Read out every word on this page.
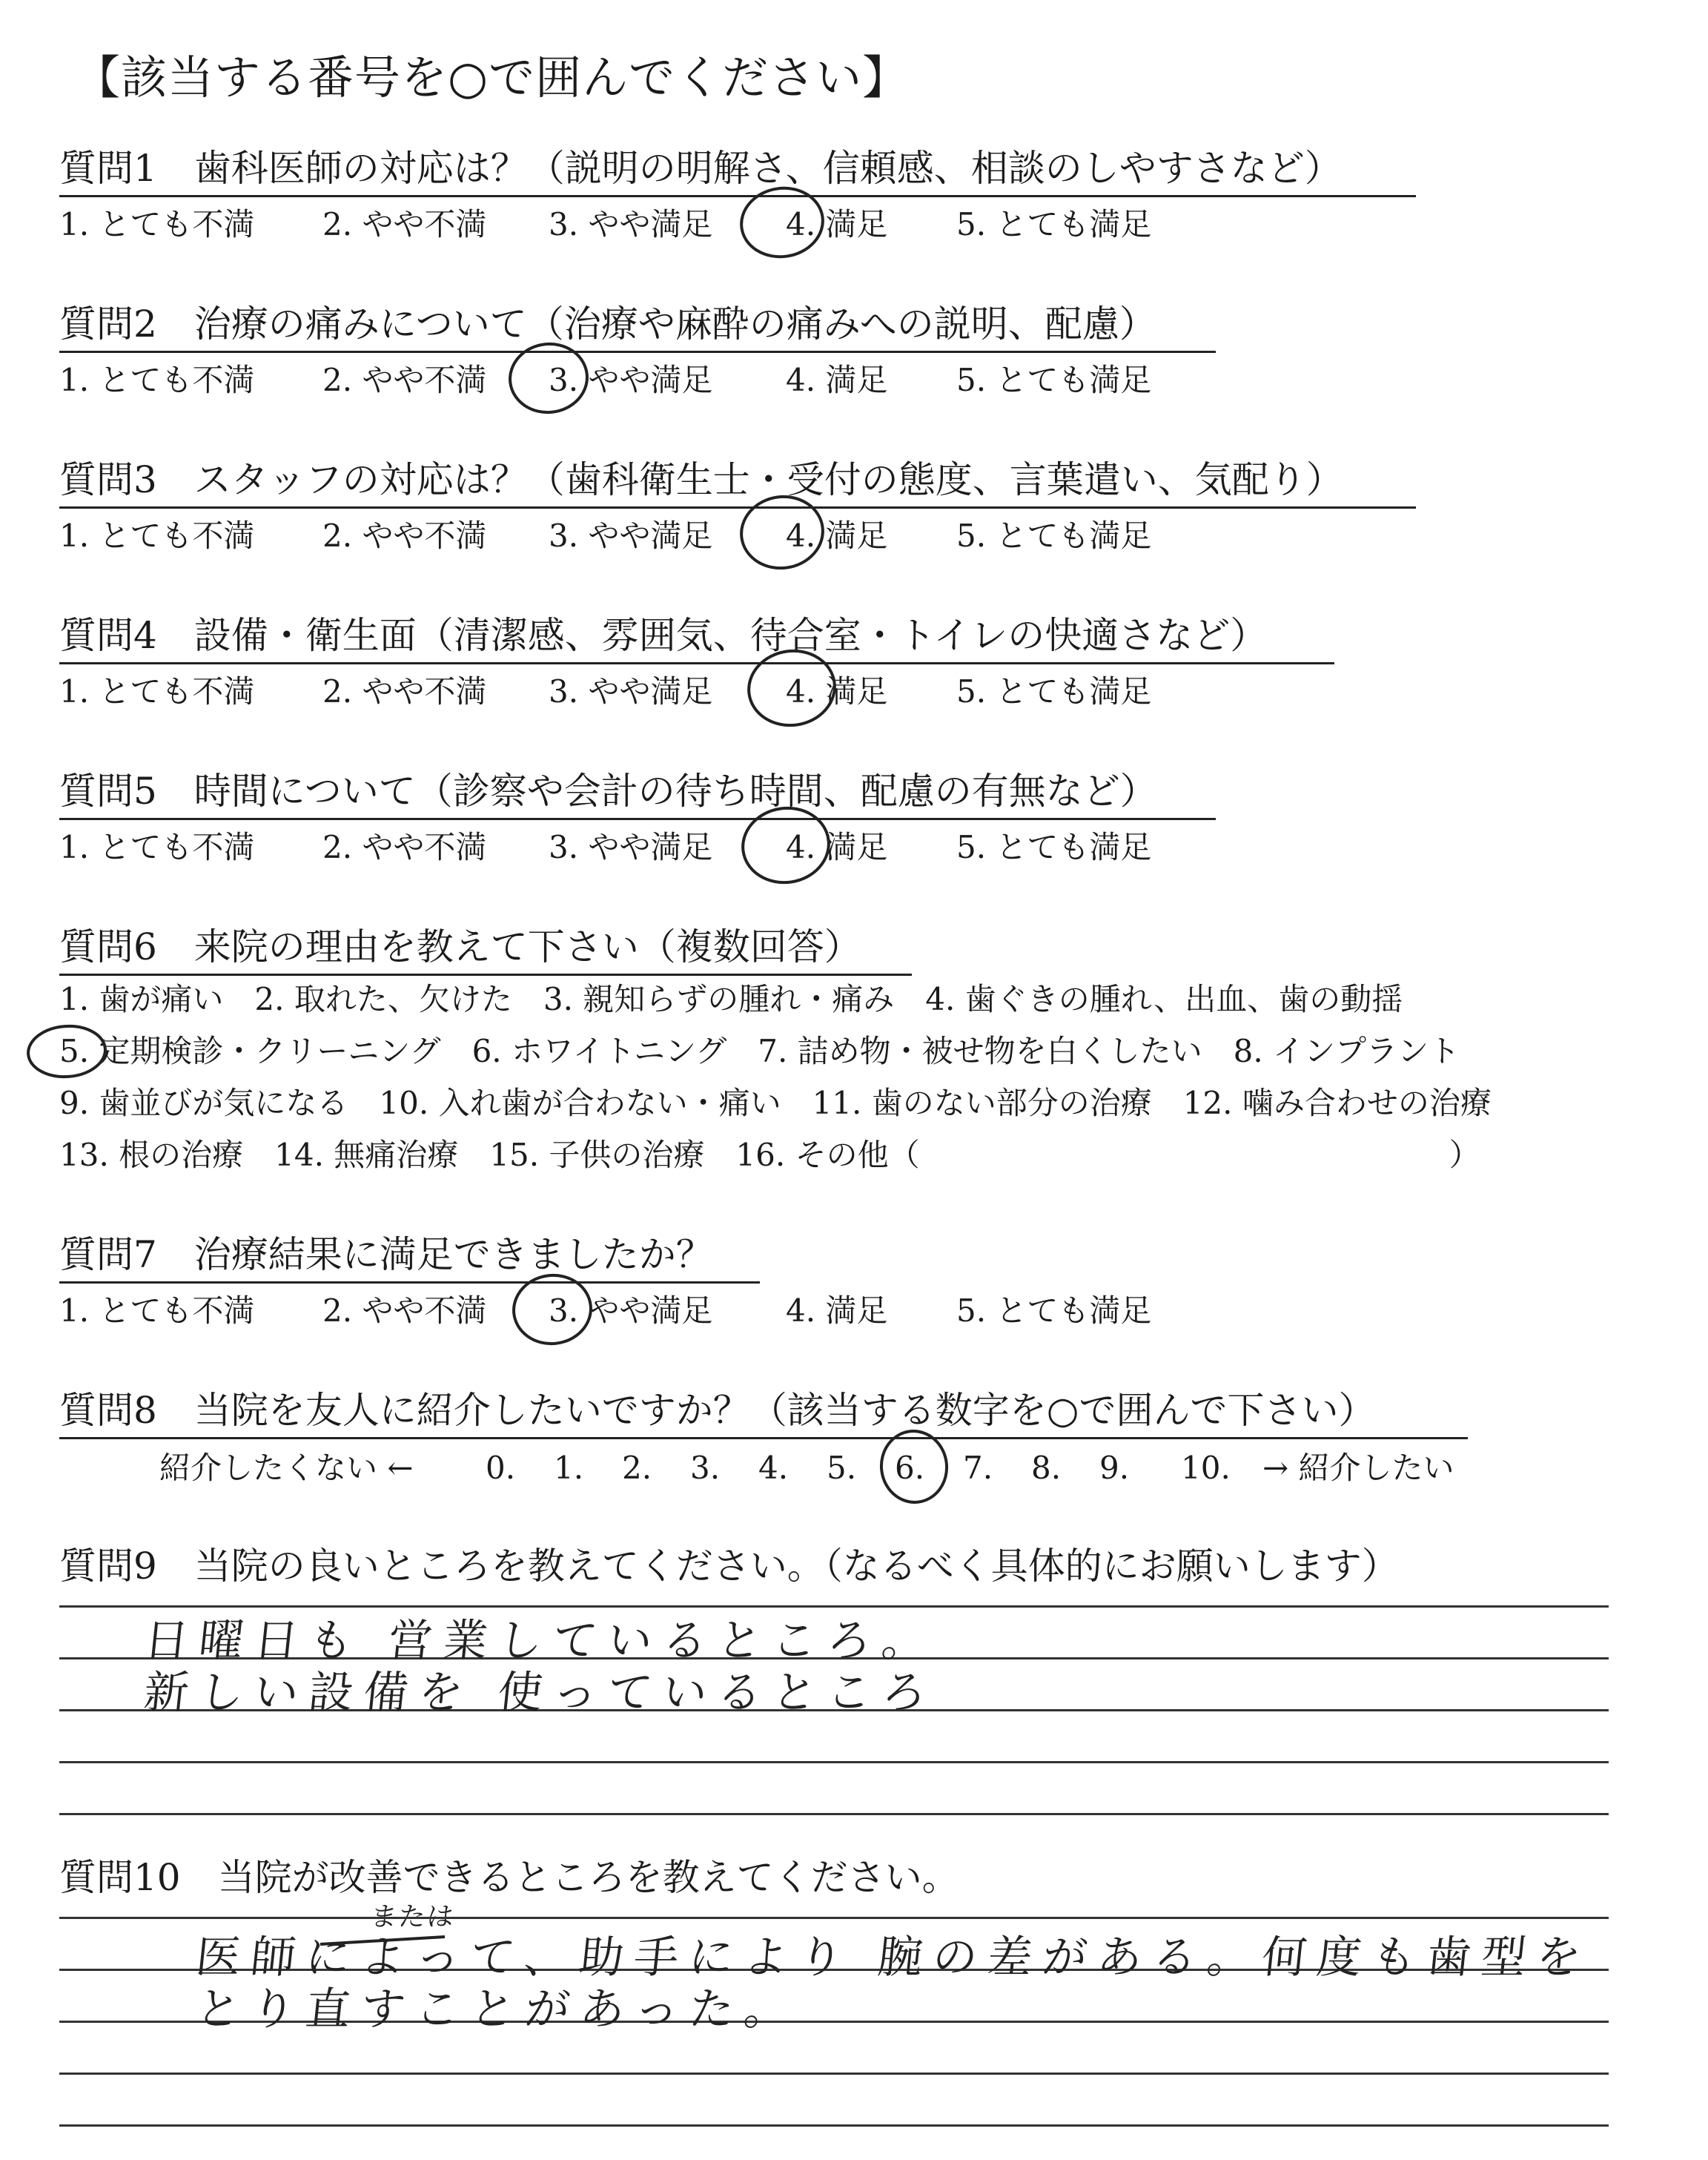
【該当する番号を○で囲んでください】
質問1　歯科医師の対応は？（説明の明解さ、信頼感、相談のしやすさなど）
1. とても不満	2. やや不満	3. やや満足	4. 満足	5. とても満足
質問2　治療の痛みについて（治療や麻酔の痛みへの説明、配慮）
1. とても不満	2. やや不満	3. やや満足	4. 満足	5. とても満足
質問3　スタッフの対応は？（歯科衛生士・受付の態度、言葉遣い、気配り）
1. とても不満	2. やや不満	3. やや満足	4. 満足	5. とても満足
質問4　設備・衛生面（清潔感、雰囲気、待合室・トイレの快適さなど）
1. とても不満	2. やや不満	3. やや満足	4. 満足	5. とても満足
質問5　時間について（診察や会計の待ち時間、配慮の有無など）
1. とても不満	2. やや不満	3. やや満足	4. 満足	5. とても満足
質問6　来院の理由を教えて下さい（複数回答）
1. 歯が痛い　2. 取れた、欠けた　3. 親知らずの腫れ・痛み　4. 歯ぐきの腫れ、出血、歯の動揺
5. 定期検診・クリーニング　6. ホワイトニング　7. 詰め物・被せ物を白くしたい　8. インプラント
9. 歯並びが気になる　10. 入れ歯が合わない・痛い　11. 歯のない部分の治療　12. 噛み合わせの治療
13. 根の治療　14. 無痛治療　15. 子供の治療　16. その他（　　　　　　　　　　　　　　　　　）
質問7　治療結果に満足できましたか？
1. とても不満	2. やや不満	3. やや満足	4. 満足	5. とても満足
質問8　当院を友人に紹介したいですか？（該当する数字を○で囲んで下さい）
紹介したくない ←	0.	1.	2.	3.	4.	5.	6.	7.	8.	9.	10.	→ 紹介したい
質問9　当院の良いところを教えてください。（なるべく具体的にお願いします）
日曜日も 営業しているところ。
新しい設備を 使っているところ
質問10　当院が改善できるところを教えてください。
または
医師によって、助手により 腕の差がある。何度も歯型を
とり直すことがあった。
